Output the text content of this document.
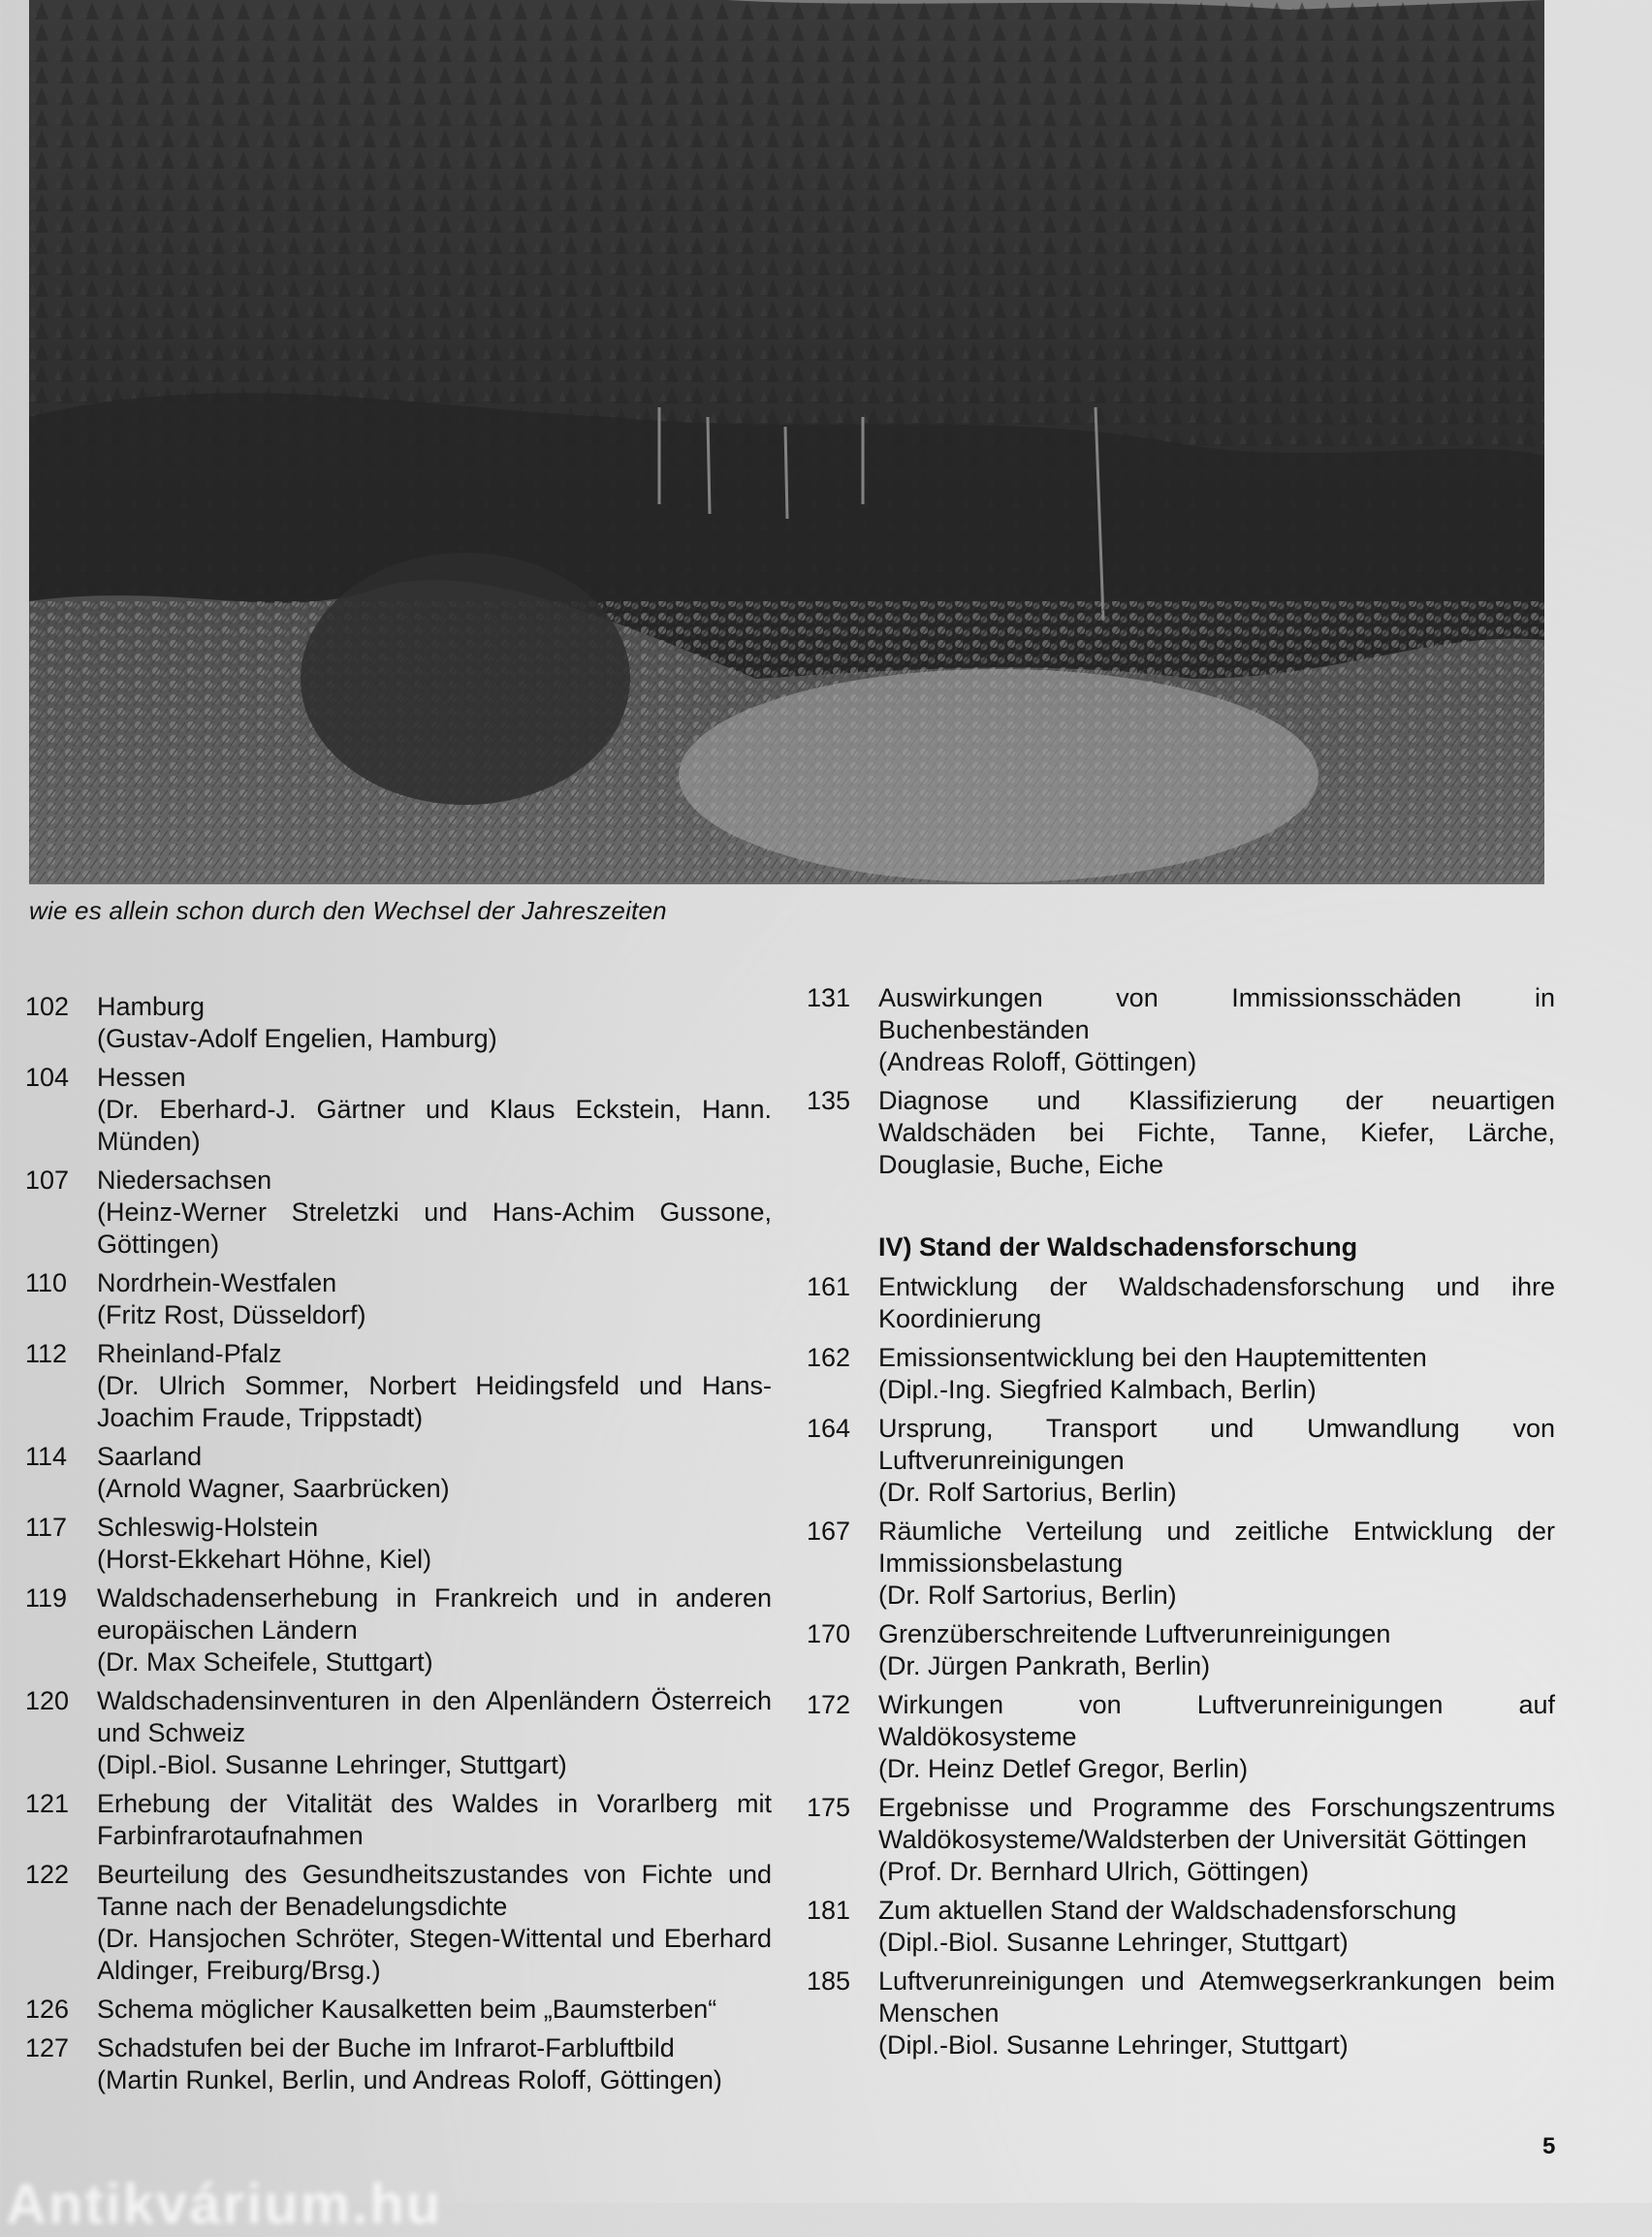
wie es allein schon durch den Wechsel der Jahreszeiten
102	Hamburg
(Gustav-Adolf Engelien, Hamburg)
104	Hessen
(Dr. Eberhard-J. Gärtner und Klaus Eckstein, Hann. Münden)
107	Niedersachsen
(Heinz-Werner Streletzki und Hans-Achim Gussone, Göttingen)
110	Nordrhein-Westfalen
(Fritz Rost, Düsseldorf)
112	Rheinland-Pfalz
(Dr. Ulrich Sommer, Norbert Heidingsfeld und Hans-Joachim Fraude, Trippstadt)
114	Saarland
(Arnold Wagner, Saarbrücken)
117	Schleswig-Holstein
(Horst-Ekkehart Höhne, Kiel)
119	Waldschadenserhebung in Frankreich und in anderen europäischen Ländern
(Dr. Max Scheifele, Stuttgart)
120	Waldschadensinventuren in den Alpenländern Österreich und Schweiz
(Dipl.-Biol. Susanne Lehringer, Stuttgart)
121	Erhebung der Vitalität des Waldes in Vorarlberg mit Farbinfrarotaufnahmen
122	Beurteilung des Gesundheitszustandes von Fichte und Tanne nach der Benadelungsdichte
(Dr. Hansjochen Schröter, Stegen-Wittental und Eberhard Aldinger, Freiburg/Brsg.)
126	Schema möglicher Kausalketten beim „Baumsterben“
127	Schadstufen bei der Buche im Infrarot-Farbluftbild
(Martin Runkel, Berlin, und Andreas Roloff, Göttingen)
131	Auswirkungen von Immissionsschäden in Buchenbeständen
(Andreas Roloff, Göttingen)
135	Diagnose und Klassifizierung der neuartigen Waldschäden bei Fichte, Tanne, Kiefer, Lärche, Douglasie, Buche, Eiche
IV) Stand der Waldschadensforschung
161	Entwicklung der Waldschadensforschung und ihre Koordinierung
162	Emissionsentwicklung bei den Hauptemittenten
(Dipl.-Ing. Siegfried Kalmbach, Berlin)
164	Ursprung, Transport und Umwandlung von Luftverunreinigungen
(Dr. Rolf Sartorius, Berlin)
167	Räumliche Verteilung und zeitliche Entwicklung der Immissionsbelastung
(Dr. Rolf Sartorius, Berlin)
170	Grenzüberschreitende Luftverunreinigungen
(Dr. Jürgen Pankrath, Berlin)
172	Wirkungen von Luftverunreinigungen auf Waldökosysteme
(Dr. Heinz Detlef Gregor, Berlin)
175	Ergebnisse und Programme des Forschungszentrums Waldökosysteme/Waldsterben der Universität Göttingen
(Prof. Dr. Bernhard Ulrich, Göttingen)
181	Zum aktuellen Stand der Waldschadensforschung
(Dipl.-Biol. Susanne Lehringer, Stuttgart)
185	Luftverunreinigungen und Atemwegserkrankungen beim Menschen
(Dipl.-Biol. Susanne Lehringer, Stuttgart)
5
Antikvárium.hu
